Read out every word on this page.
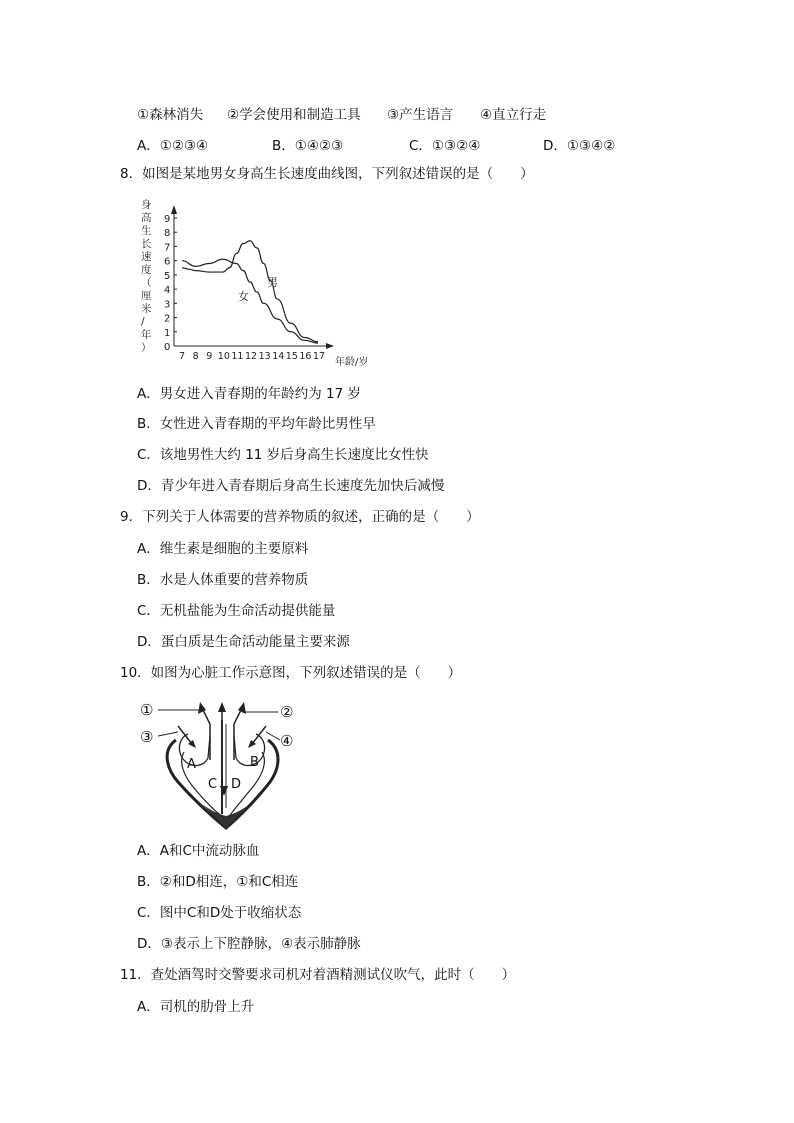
①森林消失 ②学会使用和制造工具 ③产生语言 ④直立行走
A．①②③④	B．①④②③	C．①③②④	D．①③④②
8．如图是某地男女身高生长速度曲线图，下列叙述错误的是（　　）
身
高
生
长
速
度
（
厘
米
/
年
）
年龄/岁
0
1
2
3
4
5
6
7
8
9
7 8 9 10 11 12 13 14 15 16 17
男
女
A．男女进入青春期的年龄约为 17 岁
B．女性进入青春期的平均年龄比男性早
C．该地男性大约 11 岁后身高生长速度比女性快
D．青少年进入青春期后身高生长速度先加快后减慢
9．下列关于人体需要的营养物质的叙述，正确的是（　　）
A．维生素是细胞的主要原料
B．水是人体重要的营养物质
C．无机盐能为生命活动提供能量
D．蛋白质是生命活动能量主要来源
10．如图为心脏工作示意图，下列叙述错误的是（　　）
①	②
③	④
A	B
C D
A．A和C中流动脉血
B．②和D相连，①和C相连
C．图中C和D处于收缩状态
D．③表示上下腔静脉，④表示肺静脉
11．查处酒驾时交警要求司机对着酒精测试仪吹气，此时（　　）
A．司机的肋骨上升
